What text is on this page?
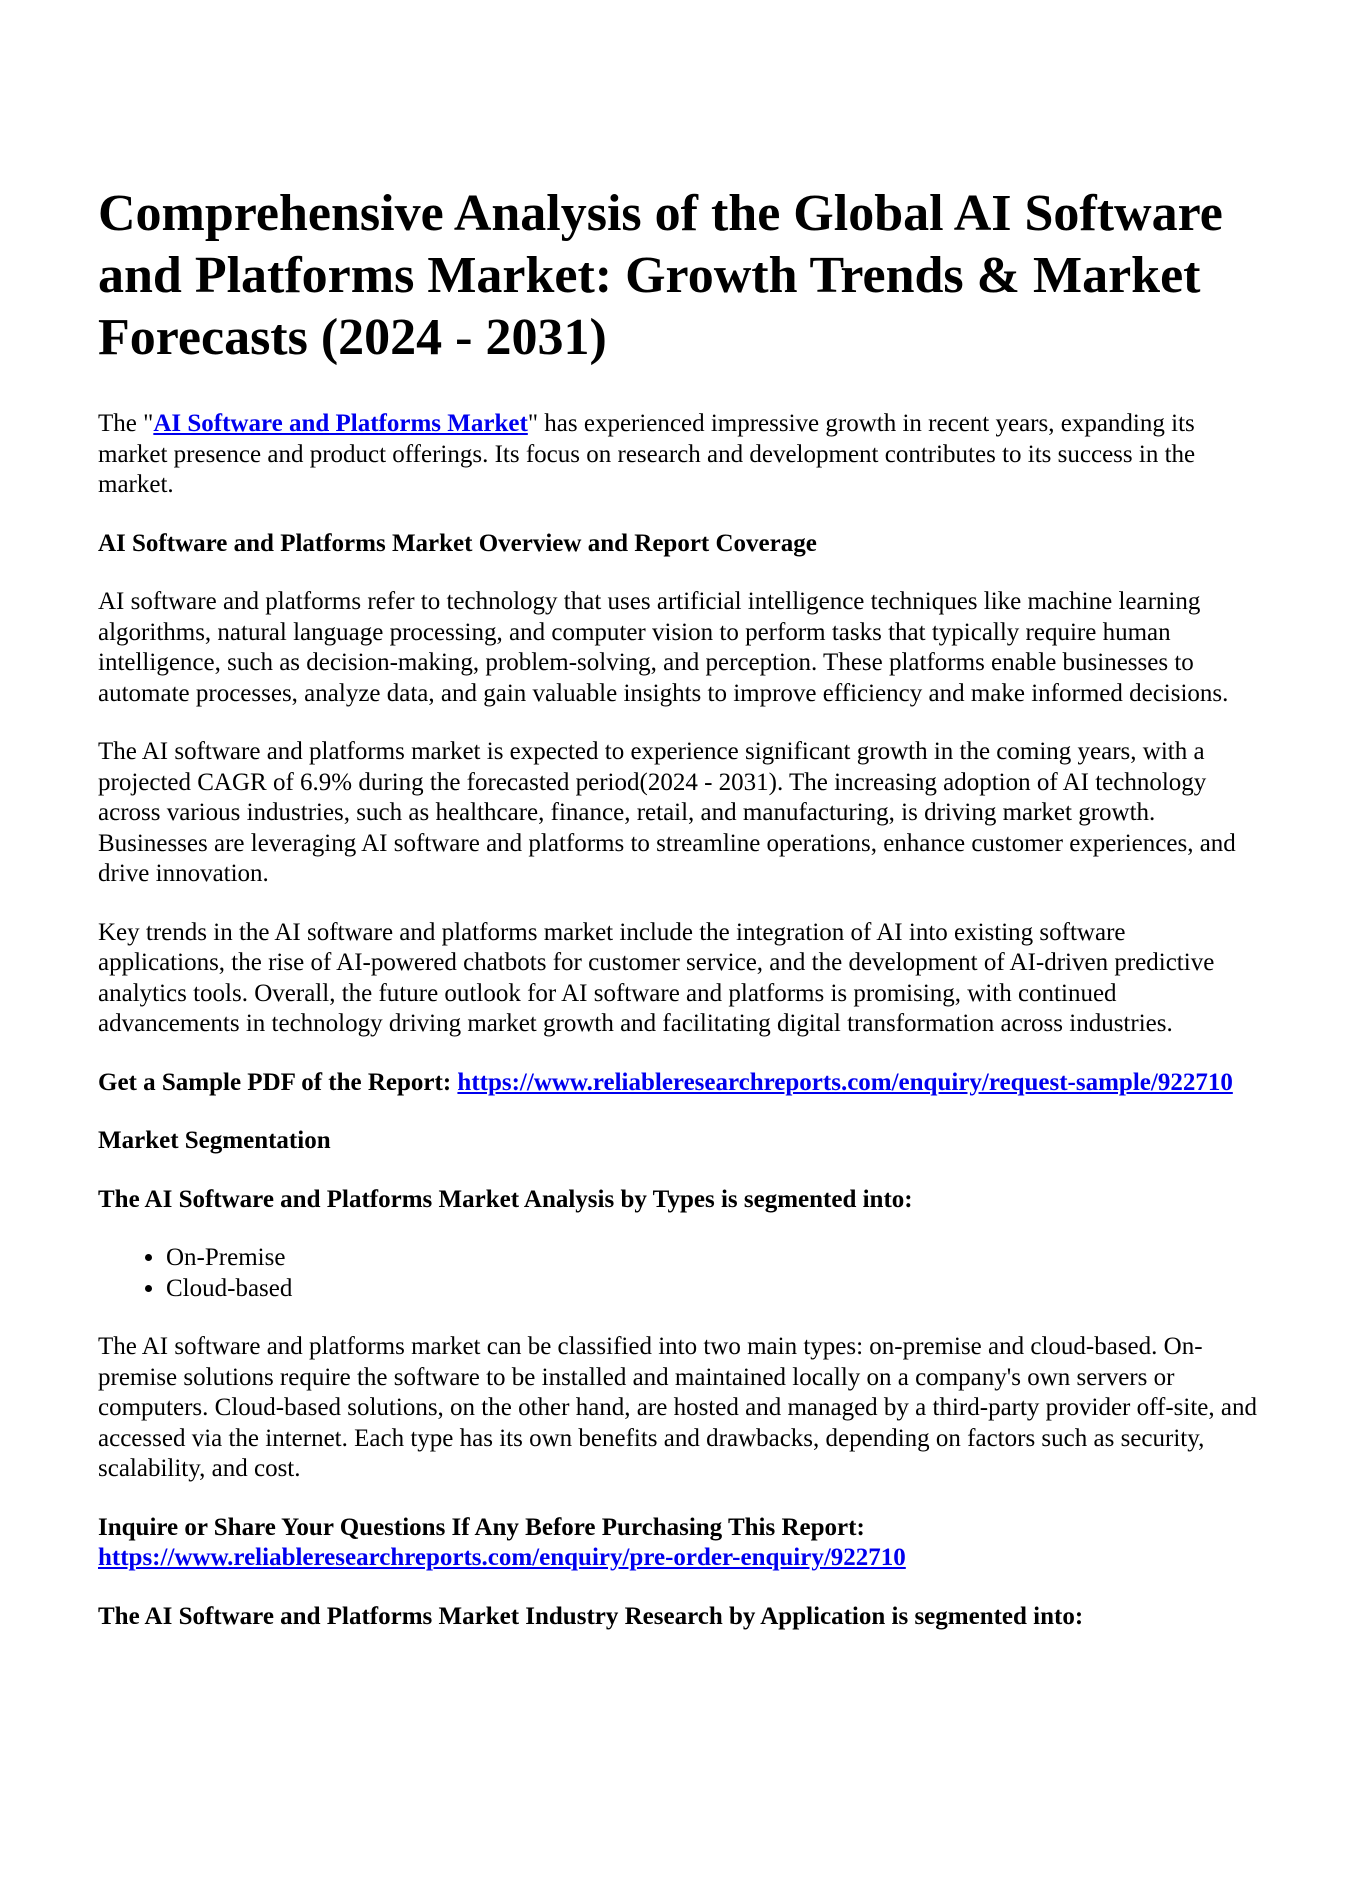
Comprehensive Analysis of the Global AI Software and Platforms Market: Growth Trends & Market Forecasts (2024 - 2031)

The "AI Software and Platforms Market" has experienced impressive growth in recent years, expanding its market presence and product offerings. Its focus on research and development contributes to its success in the market.

AI Software and Platforms Market Overview and Report Coverage

AI software and platforms refer to technology that uses artificial intelligence techniques like machine learning algorithms, natural language processing, and computer vision to perform tasks that typically require human intelligence, such as decision-making, problem-solving, and perception. These platforms enable businesses to automate processes, analyze data, and gain valuable insights to improve efficiency and make informed decisions.

The AI software and platforms market is expected to experience significant growth in the coming years, with a projected CAGR of 6.9% during the forecasted period(2024 - 2031). The increasing adoption of AI technology across various industries, such as healthcare, finance, retail, and manufacturing, is driving market growth. Businesses are leveraging AI software and platforms to streamline operations, enhance customer experiences, and drive innovation.

Key trends in the AI software and platforms market include the integration of AI into existing software applications, the rise of AI-powered chatbots for customer service, and the development of AI-driven predictive analytics tools. Overall, the future outlook for AI software and platforms is promising, with continued advancements in technology driving market growth and facilitating digital transformation across industries.

Get a Sample PDF of the Report: https://www.reliableresearchreports.com/enquiry/request-sample/922710

Market Segmentation

The AI Software and Platforms Market Analysis by Types is segmented into:

• On-Premise
• Cloud-based

The AI software and platforms market can be classified into two main types: on-premise and cloud-based. On-premise solutions require the software to be installed and maintained locally on a company's own servers or computers. Cloud-based solutions, on the other hand, are hosted and managed by a third-party provider off-site, and accessed via the internet. Each type has its own benefits and drawbacks, depending on factors such as security, scalability, and cost.

Inquire or Share Your Questions If Any Before Purchasing This Report: https://www.reliableresearchreports.com/enquiry/pre-order-enquiry/922710

The AI Software and Platforms Market Industry Research by Application is segmented into:
